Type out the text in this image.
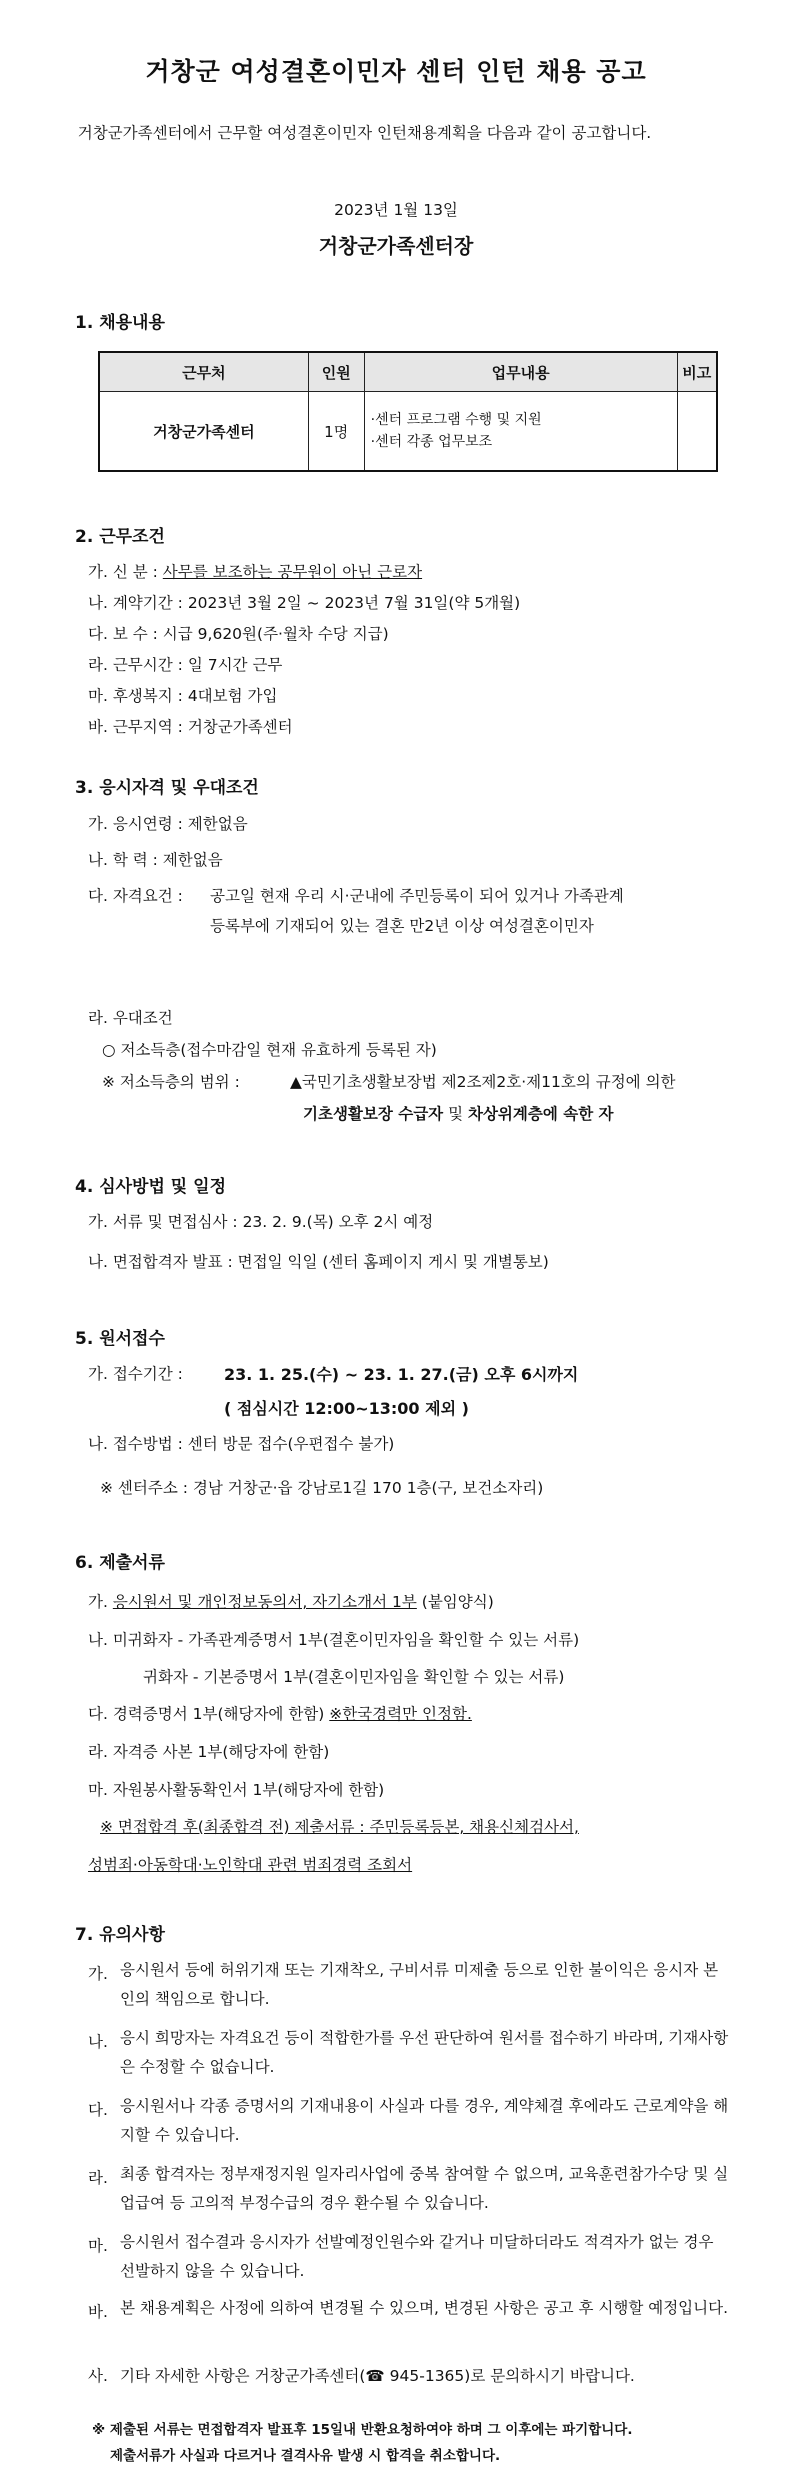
거창군 여성결혼이민자 센터 인턴 채용 공고
거창군가족센터에서 근무할 여성결혼이민자 인턴채용계획을 다음과 같이 공고합니다.
2023년 1월 13일
거창군가족센터장
1. 채용내용
근무처	인원	업무내용	비고
거창군가족센터	1명	·센터 프로그램 수행 및 지원
·센터 각종 업무보조	

2. 근무조건
가. 신 분 : 사무를 보조하는 공무원이 아닌 근로자
나. 계약기간 : 2023년 3월 2일 ~ 2023년 7월 31일(약 5개월)
다. 보 수 : 시급 9,620원(주·월차 수당 지급)
라. 근무시간 : 일 7시간 근무
마. 후생복지 : 4대보험 가입
바. 근무지역 : 거창군가족센터
3. 응시자격 및 우대조건
가. 응시연령 : 제한없음
나. 학 력 : 제한없음
다. 자격요건 : 공고일 현재 우리 시·군내에 주민등록이 되어 있거나 가족관계
등록부에 기재되어 있는 결혼 만2년 이상 여성결혼이민자
라. 우대조건
○ 저소득층(접수마감일 현재 유효하게 등록된 자)
※ 저소득층의 범위 :	▲국민기초생활보장법 제2조제2호·제11호의 규정에 의한
기초생활보장 수급자 및 차상위계층에 속한 자
4. 심사방법 및 일정
가. 서류 및 면접심사 : 23. 2. 9.(목) 오후 2시 예정
나. 면접합격자 발표 : 면접일 익일 (센터 홈페이지 게시 및 개별통보)
5. 원서접수
가. 접수기간 :	23. 1. 25.(수) ~ 23. 1. 27.(금) 오후 6시까지
( 점심시간 12:00~13:00 제외 )
나. 접수방법 : 센터 방문 접수(우편접수 불가)
※ 센터주소 : 경남 거창군·읍 강남로1길 170 1층(구, 보건소자리)
6. 제출서류
가. 응시원서 및 개인정보동의서, 자기소개서 1부 (붙임양식)
나. 미귀화자 - 가족관계증명서 1부(결혼이민자임을 확인할 수 있는 서류)
귀화자 - 기본증명서 1부(결혼이민자임을 확인할 수 있는 서류)
다. 경력증명서 1부(해당자에 한함) ※한국경력만 인정함.
라. 자격증 사본 1부(해당자에 한함)
마. 자원봉사활동확인서 1부(해당자에 한함)
※ 면접합격 후(최종합격 전) 제출서류 : 주민등록등본, 채용신체검사서,
성범죄·아동학대·노인학대 관련 범죄경력 조회서
7. 유의사항
가. 응시원서 등에 허위기재 또는 기재착오, 구비서류 미제출 등으로 인한 불이익은 응시자 본인의 책임으로 합니다.
나. 응시 희망자는 자격요건 등이 적합한가를 우선 판단하여 원서를 접수하기 바라며, 기재사항은 수정할 수 없습니다.
다. 응시원서나 각종 증명서의 기재내용이 사실과 다를 경우, 계약체결 후에라도 근로계약을 해지할 수 있습니다.
라. 최종 합격자는 정부재정지원 일자리사업에 중복 참여할 수 없으며, 교육훈련참가수당 및 실업급여 등 고의적 부정수급의 경우 환수될 수 있습니다.
마. 응시원서 접수결과 응시자가 선발예정인원수와 같거나 미달하더라도 적격자가 없는 경우 선발하지 않을 수 있습니다.
바. 본 채용계획은 사정에 의하여 변경될 수 있으며, 변경된 사항은 공고 후 시행할 예정입니다.
사. 기타 자세한 사항은 거창군가족센터(☎ 945-1365)로 문의하시기 바랍니다.
※ 제출된 서류는 면접합격자 발표후 15일내 반환요청하여야 하며 그 이후에는 파기합니다.
제출서류가 사실과 다르거나 결격사유 발생 시 합격을 취소합니다.
